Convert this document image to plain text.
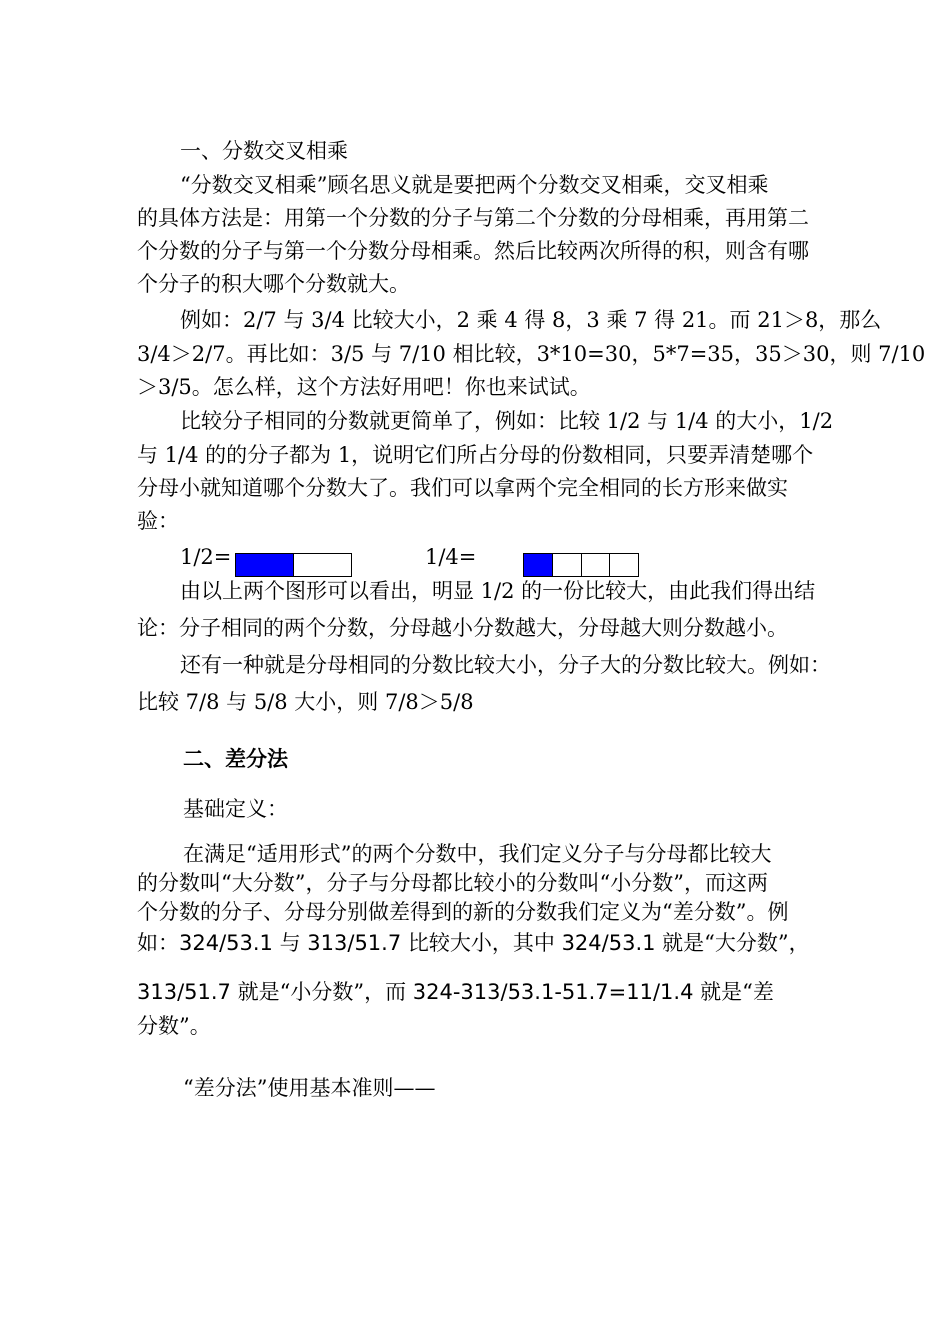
一、分数交叉相乘
“分数交叉相乘”顾名思义就是要把两个分数交叉相乘，交叉相乘
的具体方法是：用第一个分数的分子与第二个分数的分母相乘，再用第二
个分数的分子与第一个分数分母相乘。然后比较两次所得的积，则含有哪
个分子的积大哪个分数就大。
例如：2/7 与 3/4 比较大小，2 乘 4 得 8，3 乘 7 得 21。而 21＞8，那么
3/4＞2/7。再比如：3/5 与 7/10 相比较，3*10=30，5*7=35，35＞30，则 7/10
＞3/5。怎么样，这个方法好用吧！你也来试试。
比较分子相同的分数就更简单了，例如：比较 1/2 与 1/4 的大小，1/2
与 1/4 的的分子都为 1，说明它们所占分母的份数相同，只要弄清楚哪个
分母小就知道哪个分数大了。我们可以拿两个完全相同的长方形来做实
验：
1/2=	1/4=
由以上两个图形可以看出，明显 1/2 的一份比较大，由此我们得出结
论：分子相同的两个分数，分母越小分数越大，分母越大则分数越小。
还有一种就是分母相同的分数比较大小，分子大的分数比较大。例如：
比较 7/8 与 5/8 大小，则 7/8＞5/8
二、差分法
基础定义：
在满足“适用形式”的两个分数中，我们定义分子与分母都比较大
的分数叫“大分数”，分子与分母都比较小的分数叫“小分数”，而这两
个分数的分子、分母分别做差得到的新的分数我们定义为“差分数”。例
如：324/53.1 与 313/51.7 比较大小，其中 324/53.1 就是“大分数”，
313/51.7 就是“小分数”，而 324-313/53.1-51.7=11/1.4 就是“差
分数”。
“差分法”使用基本准则——
